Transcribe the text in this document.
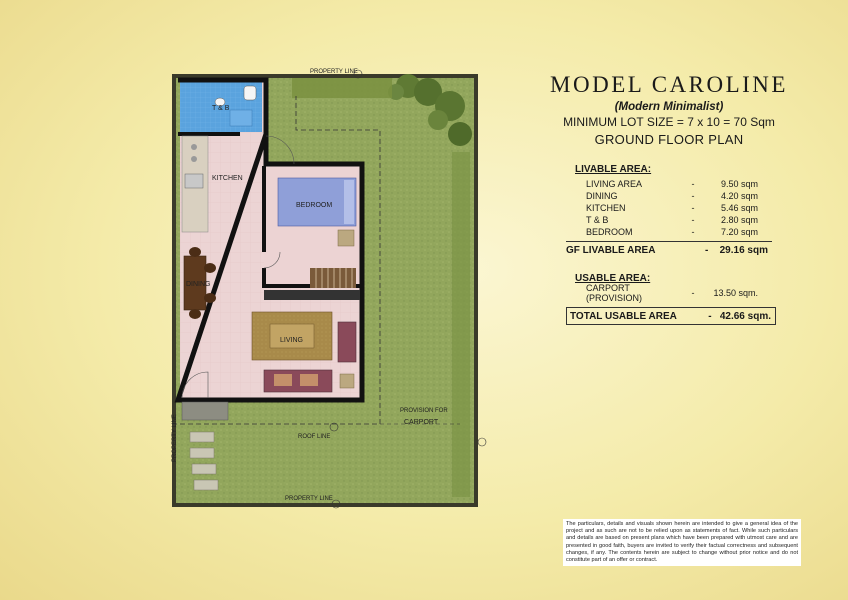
PROPERTY LINE
PROPERTY LINE
PROPERTY LINE
T & B
KITCHEN
DINING
BEDROOM
LIVING
ROOF LINE
PROVISION FOR
CARPORT
MODEL CAROLINE
(Modern Minimalist)
MINIMUM LOT SIZE = 7 x 10 = 70 Sqm
GROUND FLOOR PLAN
LIVABLE AREA:
LIVING AREA	-	9.50 sqm
DINING	-	4.20 sqm
KITCHEN	-	5.46 sqm
T & B	-	2.80 sqm
BEDROOM	-	7.20 sqm
GF LIVABLE AREA	-	29.16 sqm
USABLE AREA:
CARPORT (PROVISION)	-	13.50 sqm.
TOTAL USABLE AREA	- 42.66 sqm.
The particulars, details and visuals shown herein are intended to give a general idea of the project and as such are not to be relied upon as statements of fact. While such particulars and details are based on present plans which have been prepared with utmost care and are presented in good faith, buyers are invited to verify their factual correctness and subsequent changes, if any. The contents herein are subject to change without prior notice and do not constitute part of an offer or contract.
